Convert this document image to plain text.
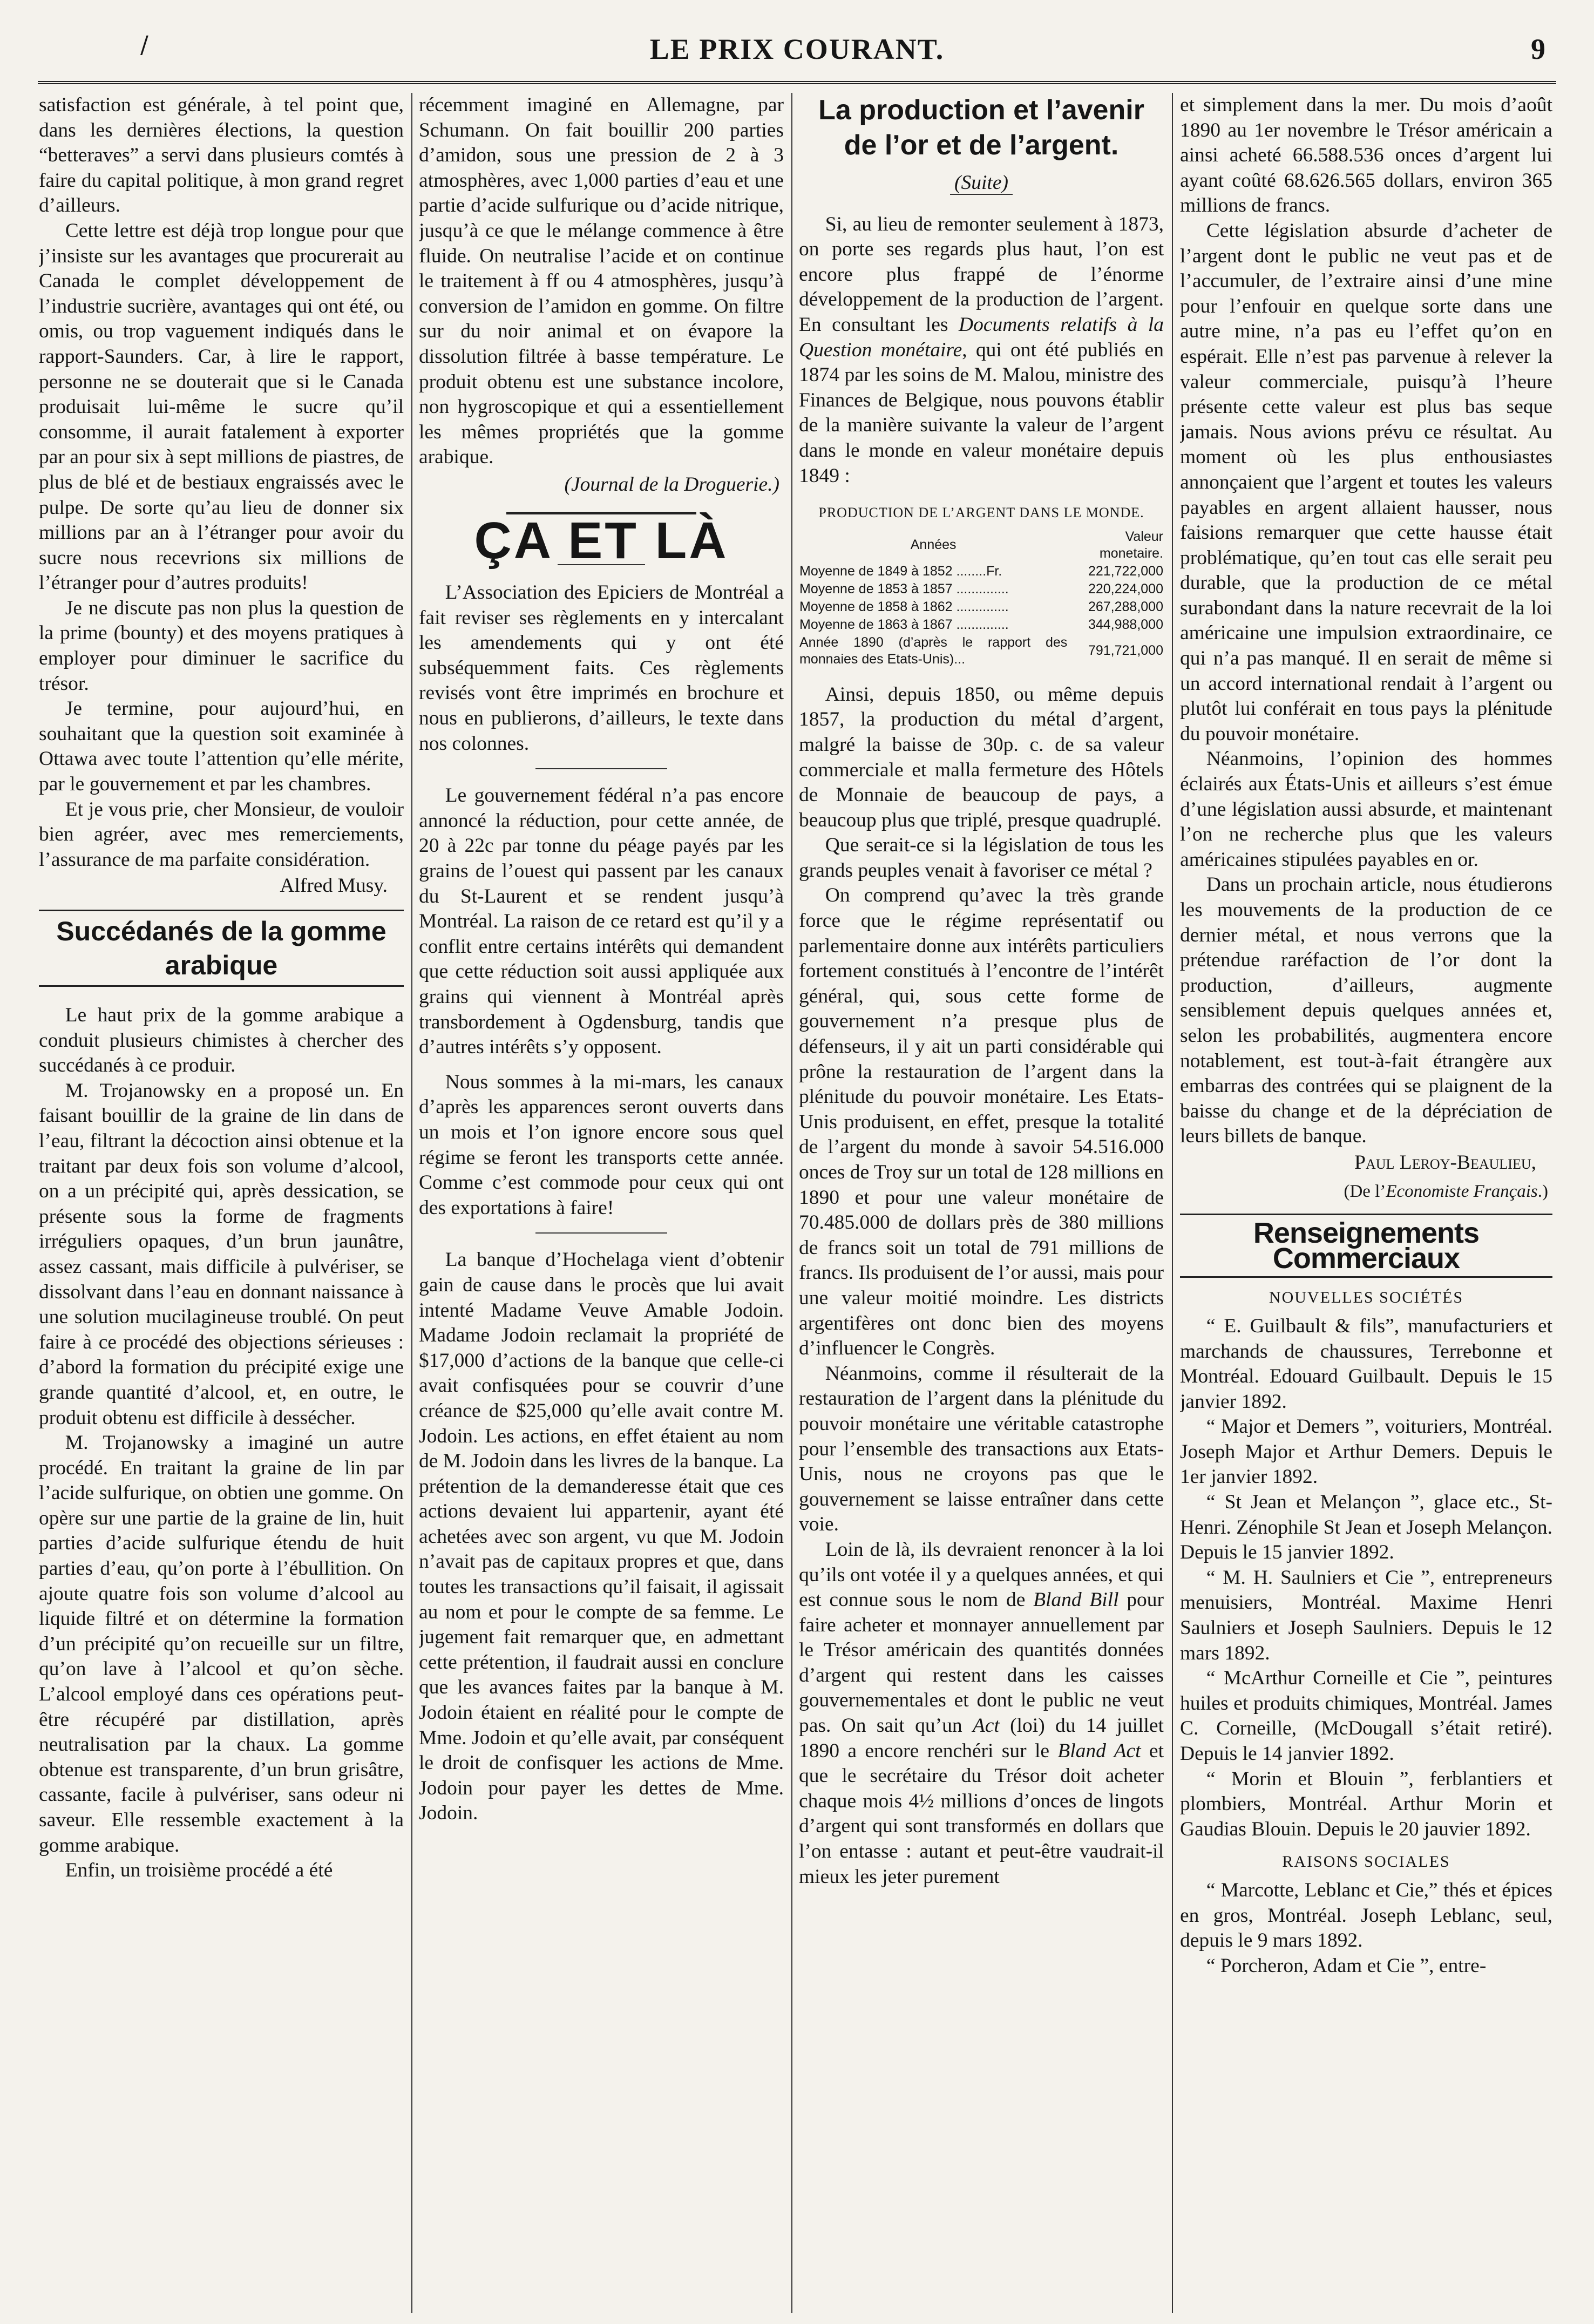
/	LE PRIX COURANT.	9

satisfaction est générale, à tel point que, dans les dernières élections, la question “betteraves” a servi dans plusieurs comtés à faire du capital politique, à mon grand regret d’ailleurs.

Cette lettre est déjà trop longue pour que j’insiste sur les avantages que procurerait au Canada le complet développement de l’industrie sucrière, avantages qui ont été, ou omis, ou trop vaguement indiqués dans le rapport-Saunders. Car, à lire le rapport, personne ne se douterait que si le Canada produisait lui-même le sucre qu’il consomme, il aurait fatalement à exporter par an pour six à sept millions de piastres, de plus de blé et de bestiaux engraissés avec le pulpe. De sorte qu’au lieu de donner six millions par an à l’étranger pour avoir du sucre nous recevrions six millions de l’étranger pour d’autres produits!

Je ne discute pas non plus la question de la prime (bounty) et des moyens pratiques à employer pour diminuer le sacrifice du trésor.

Je termine, pour aujourd’hui, en souhaitant que la question soit examinée à Ottawa avec toute l’attention qu’elle mérite, par le gouvernement et par les chambres.

Et je vous prie, cher Monsieur, de vouloir bien agréer, avec mes remerciements, l’assurance de ma parfaite considération.

Alfred Musy.
Succédanés de la gomme arabique

Le haut prix de la gomme arabique a conduit plusieurs chimistes à chercher des succédanés à ce produir.

M. Trojanowsky en a proposé un. En faisant bouillir de la graine de lin dans de l’eau, filtrant la décoction ainsi obtenue et la traitant par deux fois son volume d’alcool, on a un précipité qui, après dessication, se présente sous la forme de fragments irréguliers opaques, d’un brun jaunâtre, assez cassant, mais difficile à pulvériser, se dissolvant dans l’eau en donnant naissance à une solution mucilagineuse troublé. On peut faire à ce procédé des objections sérieuses : d’abord la formation du précipité exige une grande quantité d’alcool, et, en outre, le produit obtenu est difficile à dessécher.

M. Trojanowsky a imaginé un autre procédé. En traitant la graine de lin par l’acide sulfurique, on obtien une gomme. On opère sur une partie de la graine de lin, huit parties d’acide sulfurique étendu de huit parties d’eau, qu’on porte à l’ébullition. On ajoute quatre fois son volume d’alcool au liquide filtré et on détermine la formation d’un précipité qu’on recueille sur un filtre, qu’on lave à l’alcool et qu’on sèche. L’alcool employé dans ces opérations peut-être récupéré par distillation, après neutralisation par la chaux. La gomme obtenue est transparente, d’un brun grisâtre, cassante, facile à pulvériser, sans odeur ni saveur. Elle ressemble exactement à la gomme arabique.

Enfin, un troisième procédé a été

récemment imaginé en Allemagne, par Schumann. On fait bouillir 200 parties d’amidon, sous une pression de 2 à 3 atmosphères, avec 1,000 parties d’eau et une partie d’acide sulfurique ou d’acide nitrique, jusqu’à ce que le mélange commence à être fluide. On neutralise l’acide et on continue le traitement à ff ou 4 atmosphères, jusqu’à conversion de l’amidon en gomme. On filtre sur du noir animal et on évapore la dissolution filtrée à basse température. Le produit obtenu est une substance incolore, non hygroscopique et qui a essentiellement les mêmes propriétés que la gomme arabique.

(Journal de la Droguerie.)
ÇA ET LÀ

L’Association des Epiciers de Montréal a fait reviser ses règlements en y intercalant les amendements qui y ont été subséquemment faits. Ces règlements revisés vont être imprimés en brochure et nous en publierons, d’ailleurs, le texte dans nos colonnes.

Le gouvernement fédéral n’a pas encore annoncé la réduction, pour cette année, de 20 à 22c par tonne du péage payés par les grains de l’ouest qui passent par les canaux du St-Laurent et se rendent jusqu’à Montréal. La raison de ce retard est qu’il y a conflit entre certains intérêts qui demandent que cette réduction soit aussi appliquée aux grains qui viennent à Montréal après transbordement à Ogdensburg, tandis que d’autres intérêts s’y opposent.

Nous sommes à la mi-mars, les canaux d’après les apparences seront ouverts dans un mois et l’on ignore encore sous quel régime se feront les transports cette année. Comme c’est commode pour ceux qui ont des exportations à faire!

La banque d’Hochelaga vient d’obtenir gain de cause dans le procès que lui avait intenté Madame Veuve Amable Jodoin. Madame Jodoin reclamait la propriété de $17,000 d’actions de la banque que celle-ci avait confisquées pour se couvrir d’une créance de $25,000 qu’elle avait contre M. Jodoin. Les actions, en effet étaient au nom de M. Jodoin dans les livres de la banque. La prétention de la demanderesse était que ces actions devaient lui appartenir, ayant été achetées avec son argent, vu que M. Jodoin n’avait pas de capitaux propres et que, dans toutes les transactions qu’il faisait, il agissait au nom et pour le compte de sa femme. Le jugement fait remarquer que, en admettant cette prétention, il faudrait aussi en conclure que les avances faites par la banque à M. Jodoin étaient en réalité pour le compte de Mme. Jodoin et qu’elle avait, par conséquent le droit de confisquer les actions de Mme. Jodoin pour payer les dettes de Mme. Jodoin.

La production et l’avenir de l’or et de l’argent.
(Suite)

Si, au lieu de remonter seulement à 1873, on porte ses regards plus haut, l’on est encore plus frappé de l’énorme développement de la production de l’argent. En consultant les Documents relatifs à la Question monétaire, qui ont été publiés en 1874 par les soins de M. Malou, ministre des Finances de Belgique, nous pouvons établir de la manière suivante la valeur de l’argent dans le monde en valeur monétaire depuis 1849 :

PRODUCTION DE L’ARGENT DANS LE MONDE.
Années	Valeur monetaire.
Moyenne de 1849 à 1852 ........Fr.	221,722,000
Moyenne de 1853 à 1857 ..............	220,224,000
Moyenne de 1858 à 1862 ..............	267,288,000
Moyenne de 1863 à 1867 ..............	344,988,000
Année 1890 (d’après le rapport des monnaies des Etats-Unis)...	791,721,000

Ainsi, depuis 1850, ou même depuis 1857, la production du métal d’argent, malgré la baisse de 30p. c. de sa valeur commerciale et malla fermeture des Hôtels de Monnaie de beaucoup de pays, a beaucoup plus que triplé, presque quadruplé.

Que serait-ce si la législation de tous les grands peuples venait à favoriser ce métal ?

On comprend qu’avec la très grande force que le régime représentatif ou parlementaire donne aux intérêts particuliers fortement constitués à l’encontre de l’intérêt général, qui, sous cette forme de gouvernement n’a presque plus de défenseurs, il y ait un parti considérable qui prône la restauration de l’argent dans la plénitude du pouvoir monétaire. Les Etats-Unis produisent, en effet, presque la totalité de l’argent du monde à savoir 54.516.000 onces de Troy sur un total de 128 millions en 1890 et pour une valeur monétaire de 70.485.000 de dollars près de 380 millions de francs soit un total de 791 millions de francs. Ils produisent de l’or aussi, mais pour une valeur moitié moindre. Les districts argentifères ont donc bien des moyens d’influencer le Congrès.

Néanmoins, comme il résulterait de la restauration de l’argent dans la plénitude du pouvoir monétaire une véritable catastrophe pour l’ensemble des transactions aux Etats-Unis, nous ne croyons pas que le gouvernement se laisse entraîner dans cette voie.

Loin de là, ils devraient renoncer à la loi qu’ils ont votée il y a quelques années, et qui est connue sous le nom de Bland Bill pour faire acheter et monnayer annuellement par le Trésor américain des quantités données d’argent qui restent dans les caisses gouvernementales et dont le public ne veut pas. On sait qu’un Act (loi) du 14 juillet 1890 a encore renchéri sur le Bland Act et que le secrétaire du Trésor doit acheter chaque mois 4½ millions d’onces de lingots d’argent qui sont transformés en dollars que l’on entasse : autant et peut-être vaudrait-il mieux les jeter purement

et simplement dans la mer. Du mois d’août 1890 au 1er novembre le Trésor américain a ainsi acheté 66.588.536 onces d’argent lui ayant coûté 68.626.565 dollars, environ 365 millions de francs.

Cette législation absurde d’acheter de l’argent dont le public ne veut pas et de l’accumuler, de l’extraire ainsi d’une mine pour l’enfouir en quelque sorte dans une autre mine, n’a pas eu l’effet qu’on en espérait. Elle n’est pas parvenue à relever la valeur commerciale, puisqu’à l’heure présente cette valeur est plus bas seque jamais. Nous avions prévu ce résultat. Au moment où les plus enthousiastes annonçaient que l’argent et toutes les valeurs payables en argent allaient hausser, nous faisions remarquer que cette hausse était problématique, qu’en tout cas elle serait peu durable, que la production de ce métal surabondant dans la nature recevrait de la loi américaine une impulsion extraordinaire, ce qui n’a pas manqué. Il en serait de même si un accord international rendait à l’argent ou plutôt lui conférait en tous pays la plénitude du pouvoir monétaire.

Néanmoins, l’opinion des hommes éclairés aux États-Unis et ailleurs s’est émue d’une législation aussi absurde, et maintenant l’on ne recherche plus que les valeurs américaines stipulées payables en or.

Dans un prochain article, nous étudierons les mouvements de la production de ce dernier métal, et nous verrons que la prétendue raréfaction de l’or dont la production, d’ailleurs, augmente sensiblement depuis quelques années et, selon les probabilités, augmentera encore notablement, est tout-à-fait étrangère aux embarras des contrées qui se plaignent de la baisse du change et de la dépréciation de leurs billets de banque.

Paul Leroy-Beaulieu,
(De l’Economiste Français.)
Renseignements Commerciaux
NOUVELLES SOCIÉTÉS

“ E. Guilbault & fils”, manufacturiers et marchands de chaussures, Terrebonne et Montréal. Edouard Guilbault. Depuis le 15 janvier 1892.

“ Major et Demers ”, voituriers, Montréal. Joseph Major et Arthur Demers. Depuis le 1er janvier 1892.

“ St Jean et Melançon ”, glace etc., St-Henri. Zénophile St Jean et Joseph Melançon. Depuis le 15 janvier 1892.

“ M. H. Saulniers et Cie ”, entrepreneurs menuisiers, Montréal. Maxime Henri Saulniers et Joseph Saulniers. Depuis le 12 mars 1892.

“ McArthur Corneille et Cie ”, peintures huiles et produits chimiques, Montréal. James C. Corneille, (McDougall s’était retiré). Depuis le 14 janvier 1892.

“ Morin et Blouin ”, ferblantiers et plombiers, Montréal. Arthur Morin et Gaudias Blouin. Depuis le 20 jauvier 1892.

RAISONS SOCIALES

“ Marcotte, Leblanc et Cie,” thés et épices en gros, Montréal. Joseph Leblanc, seul, depuis le 9 mars 1892.

“ Porcheron, Adam et Cie ”, entre-
